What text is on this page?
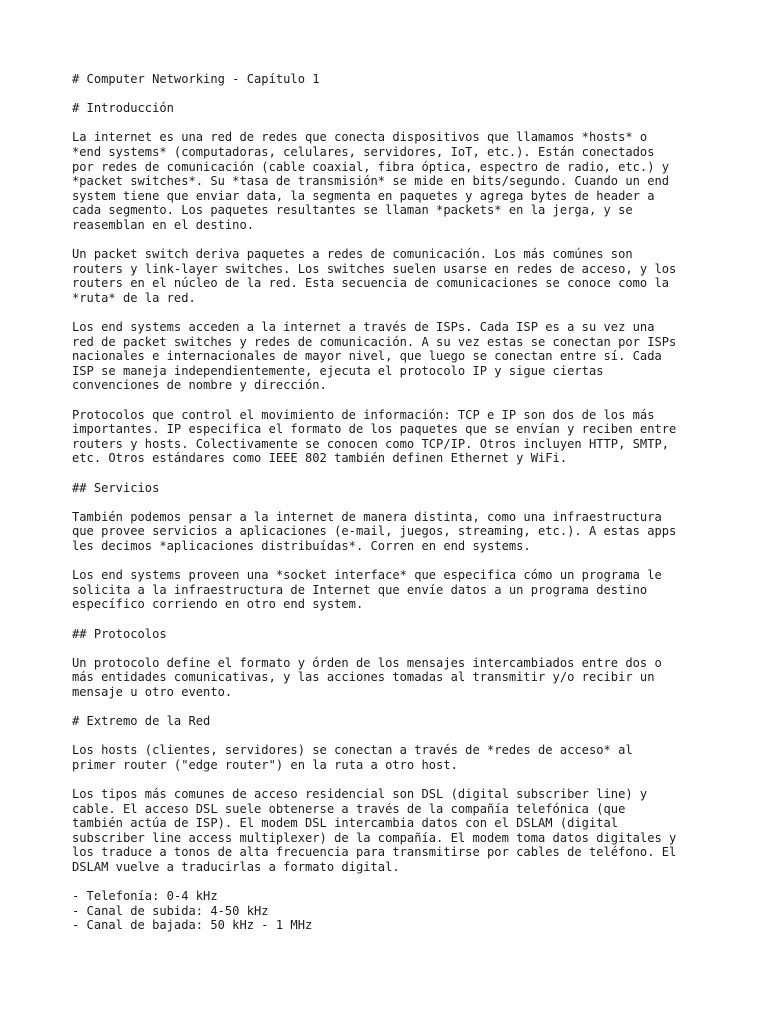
# Computer Networking - Capítulo 1

# Introducción

La internet es una red de redes que conecta dispositivos que llamamos *hosts* o
*end systems* (computadoras, celulares, servidores, IoT, etc.). Están conectados
por redes de comunicación (cable coaxial, fibra óptica, espectro de radio, etc.) y
*packet switches*. Su *tasa de transmisión* se mide en bits/segundo. Cuando un end
system tiene que enviar data, la segmenta en paquetes y agrega bytes de header a
cada segmento. Los paquetes resultantes se llaman *packets* en la jerga, y se
reasemblan en el destino.

Un packet switch deriva paquetes a redes de comunicación. Los más comúnes son
routers y link-layer switches. Los switches suelen usarse en redes de acceso, y los
routers en el núcleo de la red. Esta secuencia de comunicaciones se conoce como la
*ruta* de la red.

Los end systems acceden a la internet a través de ISPs. Cada ISP es a su vez una
red de packet switches y redes de comunicación. A su vez estas se conectan por ISPs
nacionales e internacionales de mayor nivel, que luego se conectan entre sí. Cada
ISP se maneja independientemente, ejecuta el protocolo IP y sigue ciertas
convenciones de nombre y dirección.

Protocolos que control el movimiento de información: TCP e IP son dos de los más
importantes. IP especifica el formato de los paquetes que se envían y reciben entre
routers y hosts. Colectivamente se conocen como TCP/IP. Otros incluyen HTTP, SMTP,
etc. Otros estándares como IEEE 802 también definen Ethernet y WiFi.

## Servicios

También podemos pensar a la internet de manera distinta, como una infraestructura
que provee servicios a aplicaciones (e-mail, juegos, streaming, etc.). A estas apps
les decimos *aplicaciones distribuídas*. Corren en end systems.

Los end systems proveen una *socket interface* que especifica cómo un programa le
solicita a la infraestructura de Internet que envíe datos a un programa destino
específico corriendo en otro end system.

## Protocolos

Un protocolo define el formato y órden de los mensajes intercambiados entre dos o
más entidades comunicativas, y las acciones tomadas al transmitir y/o recibir un
mensaje u otro evento.

# Extremo de la Red

Los hosts (clientes, servidores) se conectan a través de *redes de acceso* al
primer router ("edge router") en la ruta a otro host.

Los tipos más comunes de acceso residencial son DSL (digital subscriber line) y
cable. El acceso DSL suele obtenerse a través de la compañía telefónica (que
también actúa de ISP). El modem DSL intercambia datos con el DSLAM (digital
subscriber line access multiplexer) de la compañía. El modem toma datos digitales y
los traduce a tonos de alta frecuencia para transmitirse por cables de teléfono. El
DSLAM vuelve a traducirlas a formato digital.

- Telefonía: 0-4 kHz
- Canal de subida: 4-50 kHz
- Canal de bajada: 50 kHz - 1 MHz
